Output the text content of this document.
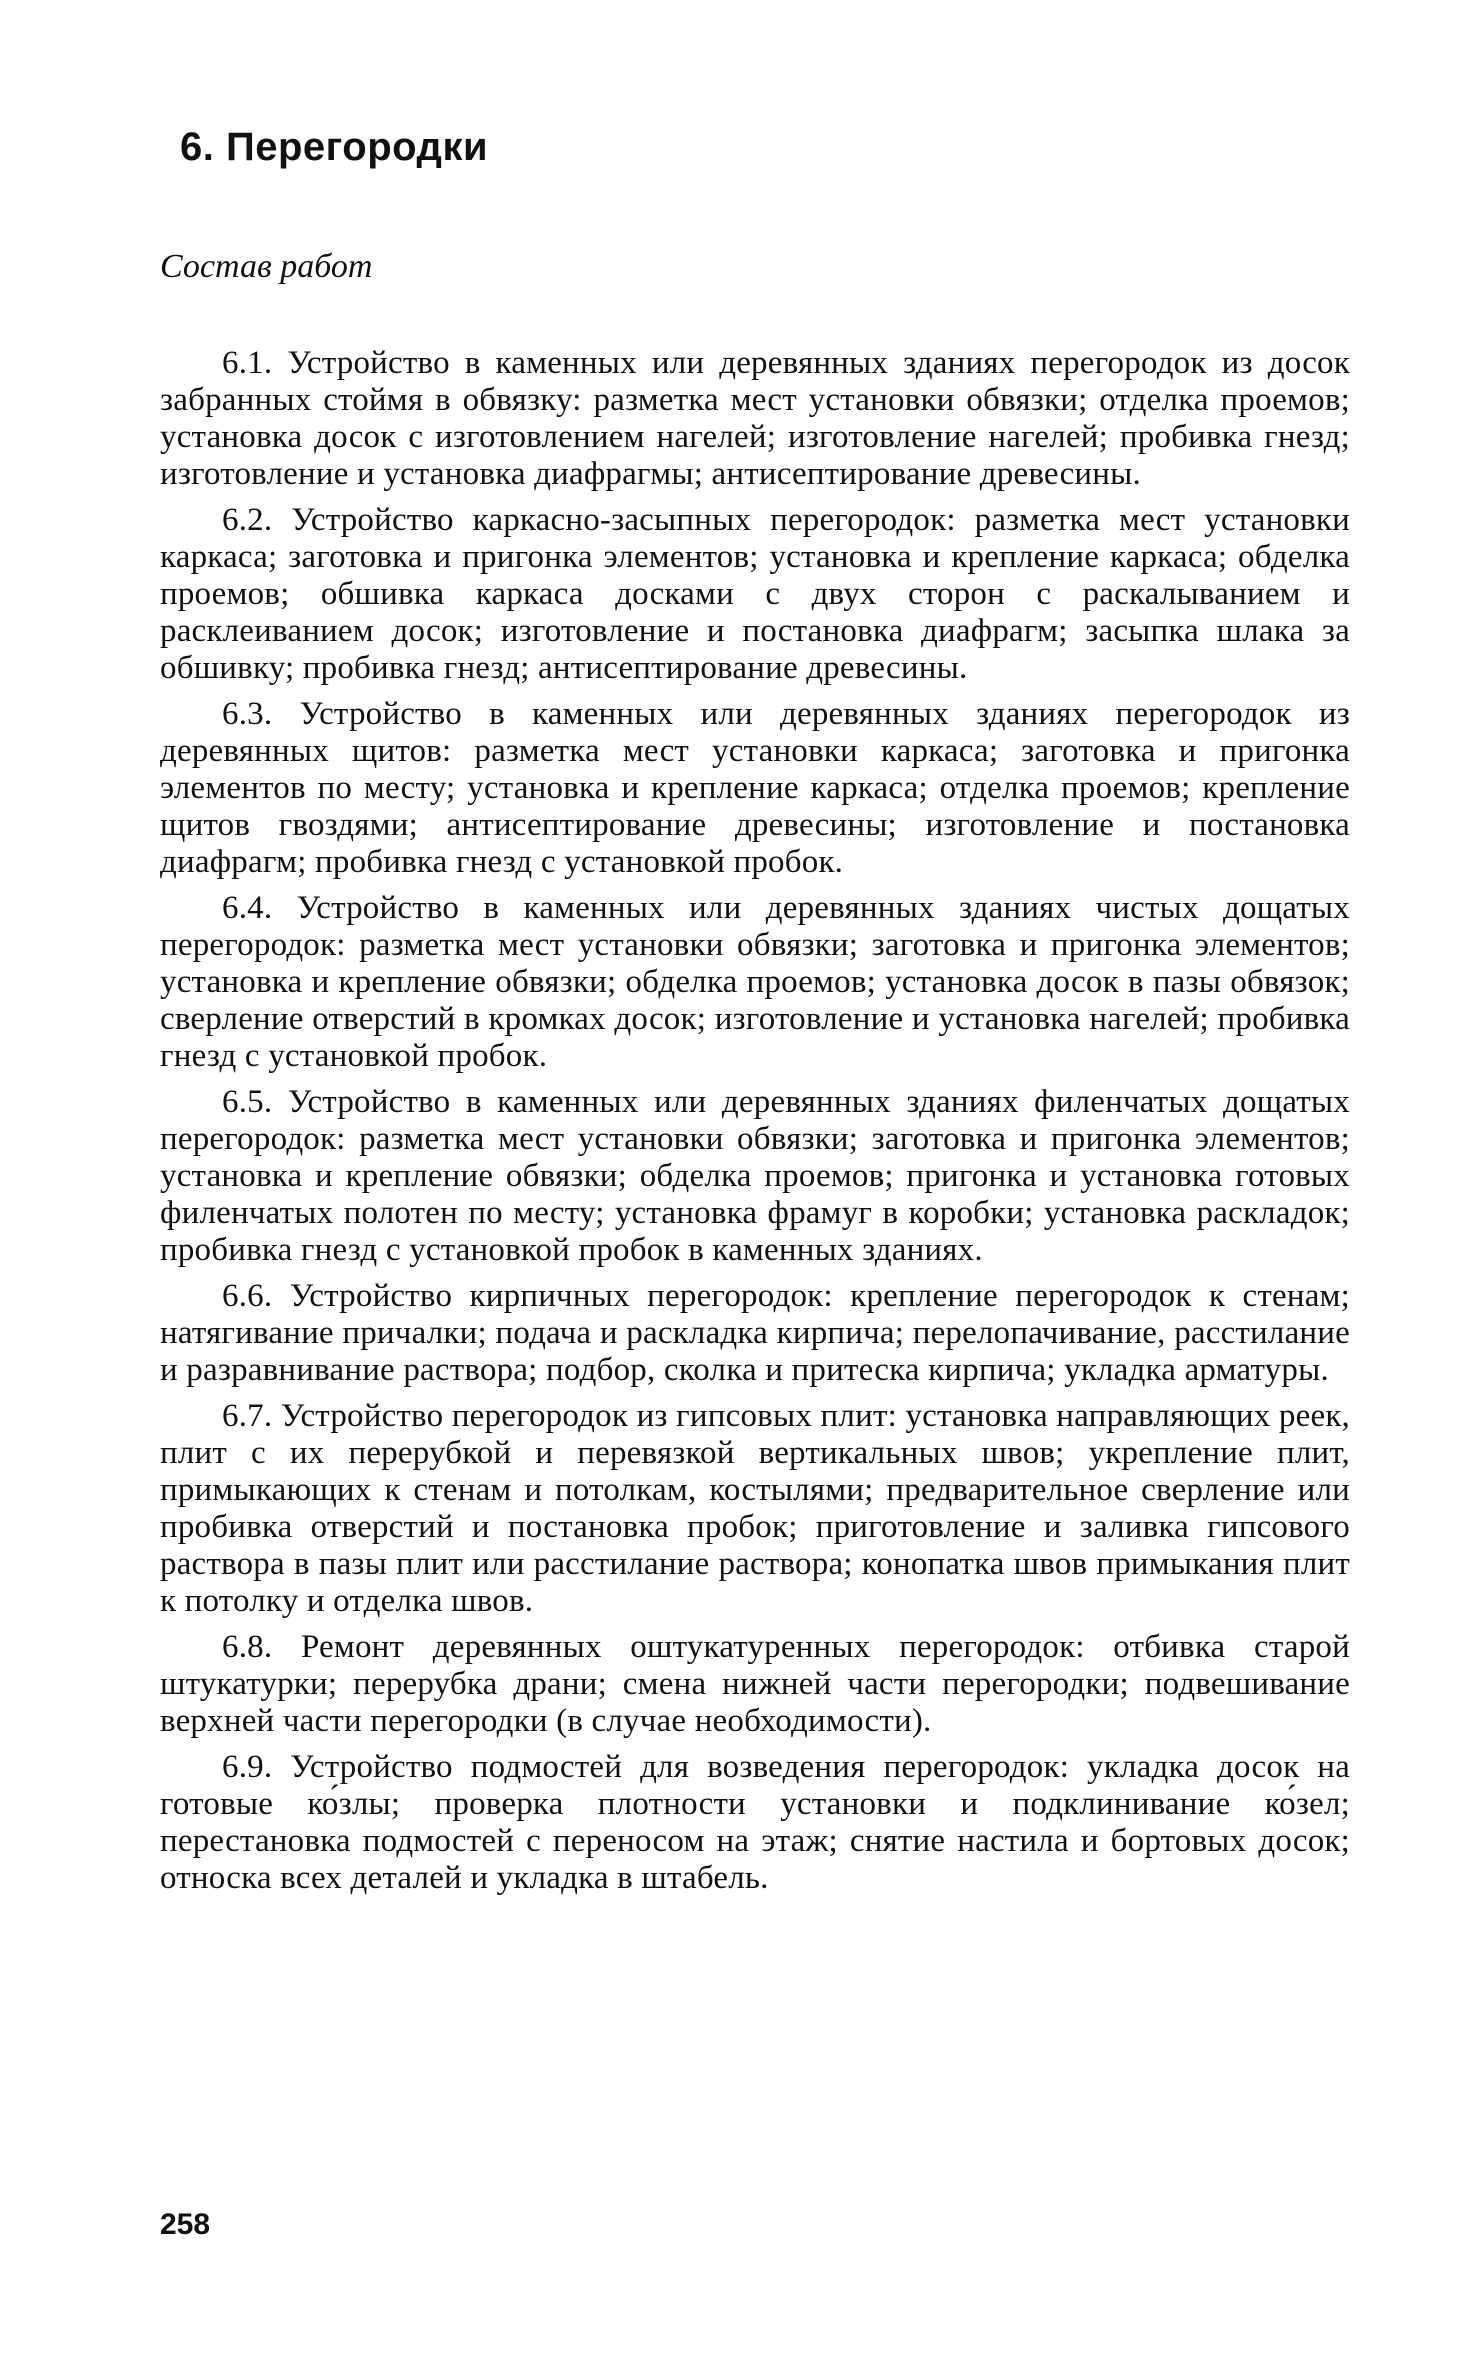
6. Перегородки

Состав работ

6.1. Устройство в каменных или деревянных зданиях перегородок из досок забранных стоймя в обвязку: разметка мест установки обвязки; отделка проемов; установка досок с изготовлением нагелей; изготовление нагелей; пробивка гнезд; изготовление и установка диафрагмы; антисептирование древесины.

6.2. Устройство каркасно-засыпных перегородок: разметка мест установки каркаса; заготовка и пригонка элементов; установка и крепление каркаса; обделка проемов; обшивка каркаса досками с двух сторон с раскалыванием и расклеиванием досок; изготовление и постановка диафрагм; засыпка шлака за обшивку; пробивка гнезд; антисептирование древесины.

6.3. Устройство в каменных или деревянных зданиях перегородок из деревянных щитов: разметка мест установки каркаса; заготовка и пригонка элементов по месту; установка и крепление каркаса; отделка проемов; крепление щитов гвоздями; антисептирование древесины; изготовление и постановка диафрагм; пробивка гнезд с установкой пробок.

6.4. Устройство в каменных или деревянных зданиях чистых дощатых перегородок: разметка мест установки обвязки; заготовка и пригонка элементов; установка и крепление обвязки; обделка проемов; установка досок в пазы обвязок; сверление отверстий в кромках досок; изготовление и установка нагелей; пробивка гнезд с установкой пробок.

6.5. Устройство в каменных или деревянных зданиях филенчатых дощатых перегородок: разметка мест установки обвязки; заготовка и пригонка элементов; установка и крепление обвязки; обделка проемов; пригонка и установка готовых филенчатых полотен по месту; установка фрамуг в коробки; установка раскладок; пробивка гнезд с установкой пробок в каменных зданиях.

6.6. Устройство кирпичных перегородок: крепление перегородок к стенам; натягивание причалки; подача и раскладка кирпича; перелопачивание, расстилание и разравнивание раствора; подбор, сколка и притеска кирпича; укладка арматуры.

6.7. Устройство перегородок из гипсовых плит: установка направляющих реек, плит с их перерубкой и перевязкой вертикальных швов; укрепление плит, примыкающих к стенам и потолкам, костылями; предварительное сверление или пробивка отверстий и постановка пробок; приготовление и заливка гипсового раствора в пазы плит или расстилание раствора; конопатка швов примыкания плит к потолку и отделка швов.

6.8. Ремонт деревянных оштукатуренных перегородок: отбивка старой штукатурки; перерубка драни; смена нижней части перегородки; подвешивание верхней части перегородки (в случае необходимости).

6.9. Устройство подмостей для возведения перегородок: укладка досок на готовые ко́злы; проверка плотности установки и подклинивание ко́зел; перестановка подмостей с переносом на этаж; снятие настила и бортовых досок; относка всех деталей и укладка в штабель.

258
